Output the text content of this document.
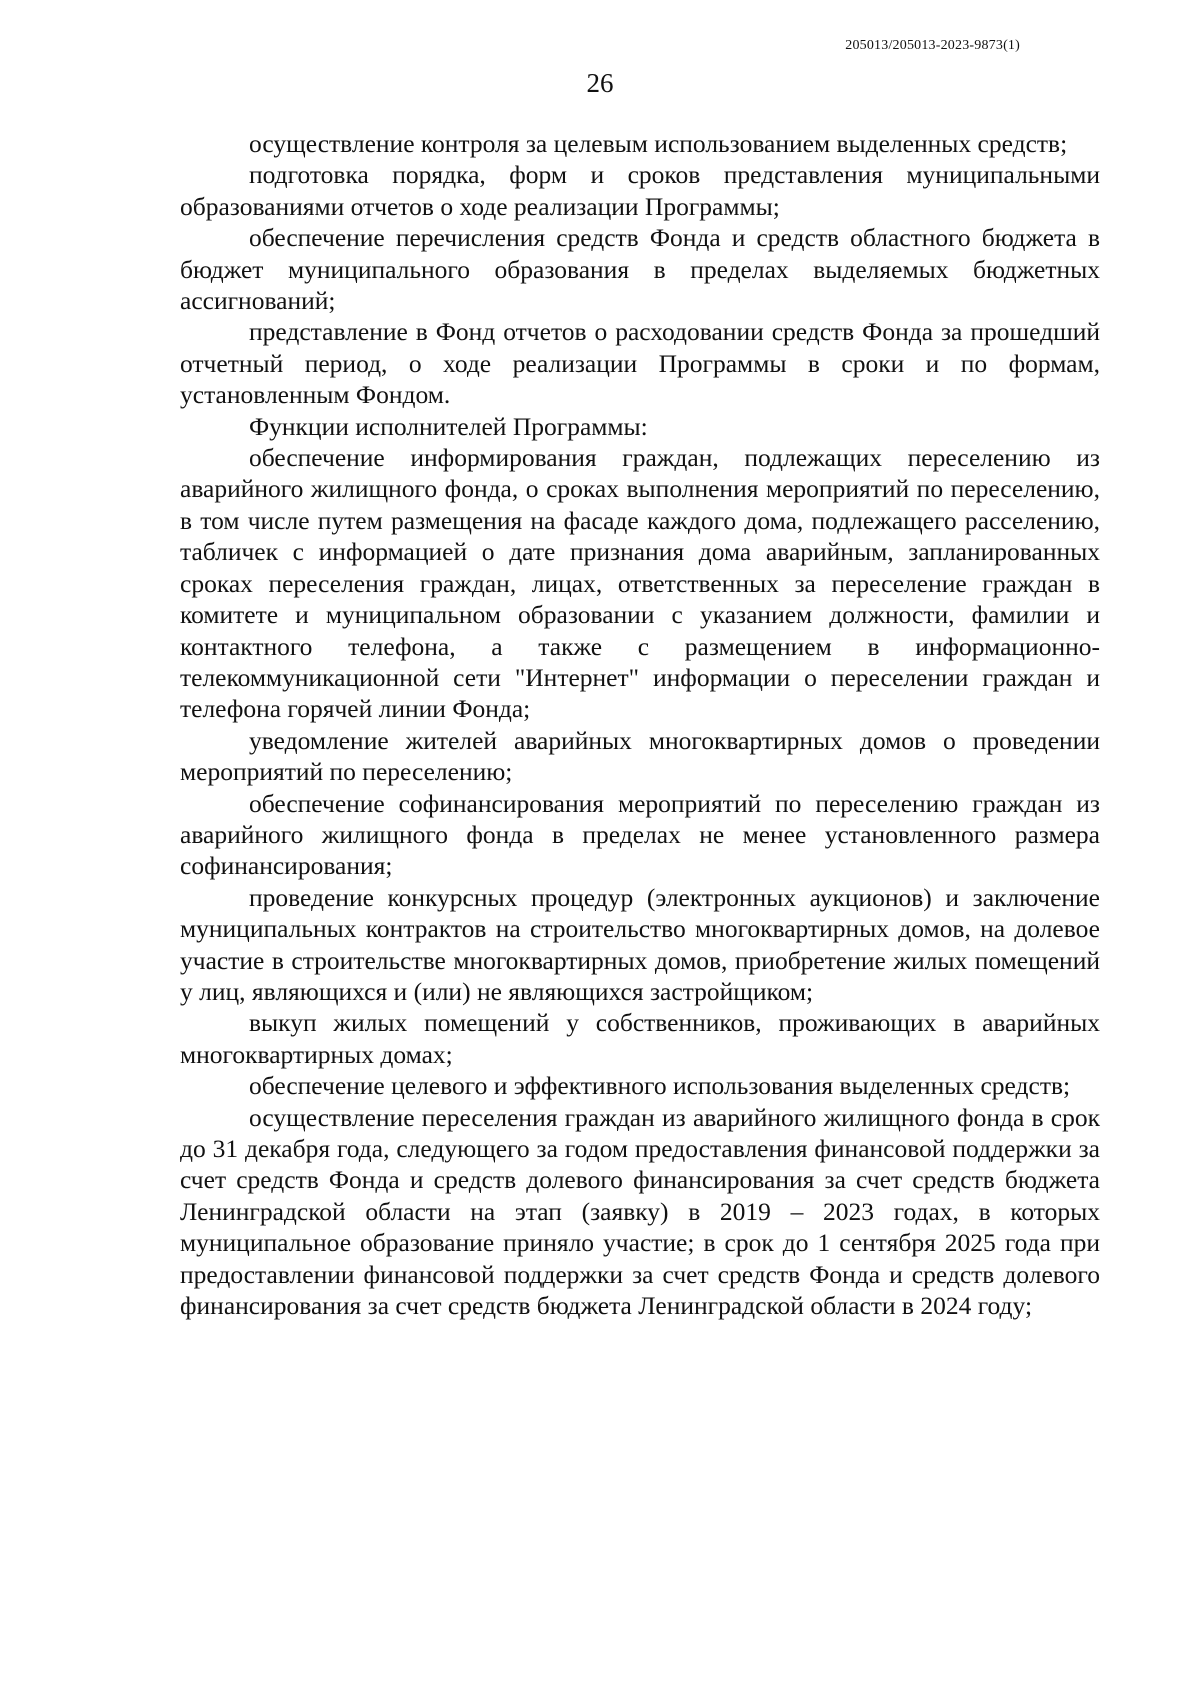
205013/205013-2023-9873(1)
26

осуществление контроля за целевым использованием выделенных средств;

подготовка порядка, форм и сроков представления муниципальными образованиями отчетов о ходе реализации Программы;

обеспечение перечисления средств Фонда и средств областного бюджета в бюджет муниципального образования в пределах выделяемых бюджетных ассигнований;

представление в Фонд отчетов о расходовании средств Фонда за прошедший отчетный период, о ходе реализации Программы в сроки и по формам, установленным Фондом.

Функции исполнителей Программы:

обеспечение информирования граждан, подлежащих переселению из аварийного жилищного фонда, о сроках выполнения мероприятий по переселению, в том числе путем размещения на фасаде каждого дома, подлежащего расселению, табличек с информацией о дате признания дома аварийным, запланированных сроках переселения граждан, лицах, ответственных за переселение граждан в комитете и муниципальном образовании с указанием должности, фамилии и контактного телефона, а также с размещением в информационно-телекоммуникационной сети "Интернет" информации о переселении граждан и телефона горячей линии Фонда;

уведомление жителей аварийных многоквартирных домов о проведении мероприятий по переселению;

обеспечение софинансирования мероприятий по переселению граждан из аварийного жилищного фонда в пределах не менее установленного размера софинансирования;

проведение конкурсных процедур (электронных аукционов) и заключение муниципальных контрактов на строительство многоквартирных домов, на долевое участие в строительстве многоквартирных домов, приобретение жилых помещений у лиц, являющихся и (или) не являющихся застройщиком;

выкуп жилых помещений у собственников, проживающих в аварийных многоквартирных домах;

обеспечение целевого и эффективного использования выделенных средств;

осуществление переселения граждан из аварийного жилищного фонда в срок до 31 декабря года, следующего за годом предоставления финансовой поддержки за счет средств Фонда и средств долевого финансирования за счет средств бюджета Ленинградской области на этап (заявку) в 2019 – 2023 годах, в которых муниципальное образование приняло участие; в срок до 1 сентября 2025 года при предоставлении финансовой поддержки за счет средств Фонда и средств долевого финансирования за счет средств бюджета Ленинградской области в 2024 году;
